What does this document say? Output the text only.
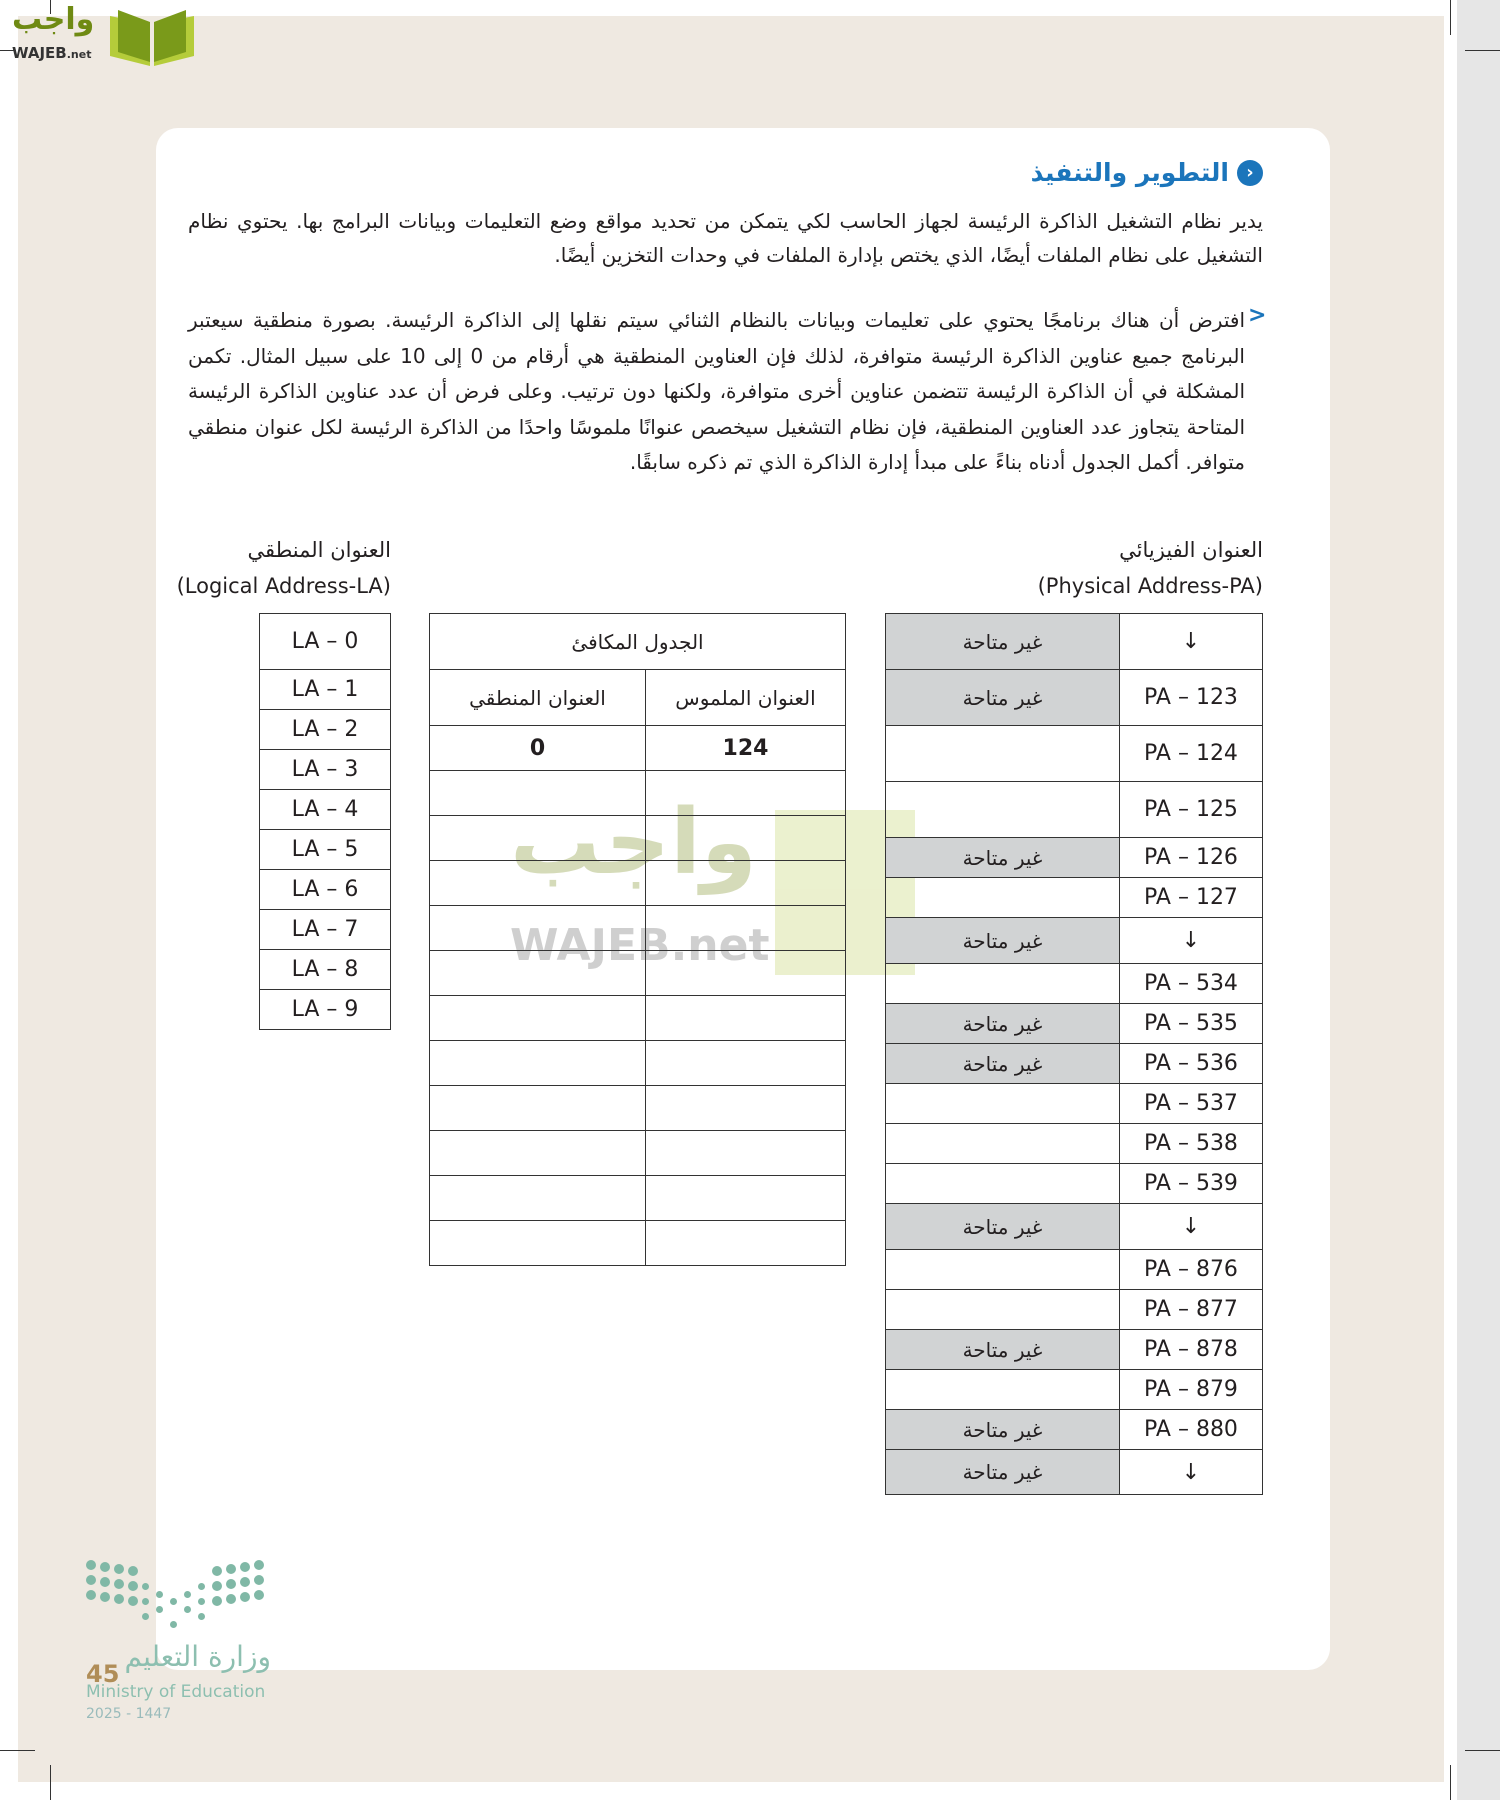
واجب
WAJEB.net
‹
التطوير والتنفيذ

يدير نظام التشغيل الذاكرة الرئيسة لجهاز الحاسب لكي يتمكن من تحديد مواقع وضع التعليمات وبيانات البرامج بها. يحتوي نظام التشغيل على نظام الملفات أيضًا، الذي يختص بإدارة الملفات في وحدات التخزين أيضًا.

>

افترض أن هناك برنامجًا يحتوي على تعليمات وبيانات بالنظام الثنائي سيتم نقلها إلى الذاكرة الرئيسة. بصورة منطقية سيعتبر البرنامج جميع عناوين الذاكرة الرئيسة متوافرة، لذلك فإن العناوين المنطقية هي أرقام من 0 إلى 10 على سبيل المثال. تكمن المشكلة في أن الذاكرة الرئيسة تتضمن عناوين أخرى متوافرة، ولكنها دون ترتيب. وعلى فرض أن عدد عناوين الذاكرة الرئيسة المتاحة يتجاوز عدد العناوين المنطقية، فإن نظام التشغيل سيخصص عنوانًا ملموسًا واحدًا من الذاكرة الرئيسة لكل عنوان منطقي متوافر. أكمل الجدول أدناه بناءً على مبدأ إدارة الذاكرة الذي تم ذكره سابقًا.

العنوان المنطقي
(Logical Address-LA)
العنوان الفيزيائي
(Physical Address-PA)
واجب
WAJEB.net
LA – 0
LA – 1
LA – 2
LA – 3
LA – 4
LA – 5
LA – 6
LA – 7
LA – 8
LA – 9
الجدول المكافئ	
العنوان الملموس	العنوان المنطقي
124	0

غير متاحة	↓
غير متاحة	PA – 123
	PA – 124
	PA – 125
غير متاحة	PA – 126
	PA – 127
غير متاحة	↓
	PA – 534
غير متاحة	PA – 535
غير متاحة	PA – 536
	PA – 537
	PA – 538
	PA – 539
غير متاحة	↓
	PA – 876
	PA – 877
غير متاحة	PA – 878
	PA – 879
غير متاحة	PA – 880
غير متاحة	↓
وزارة التعليم
Ministry of Education
2025 - 1447
45
